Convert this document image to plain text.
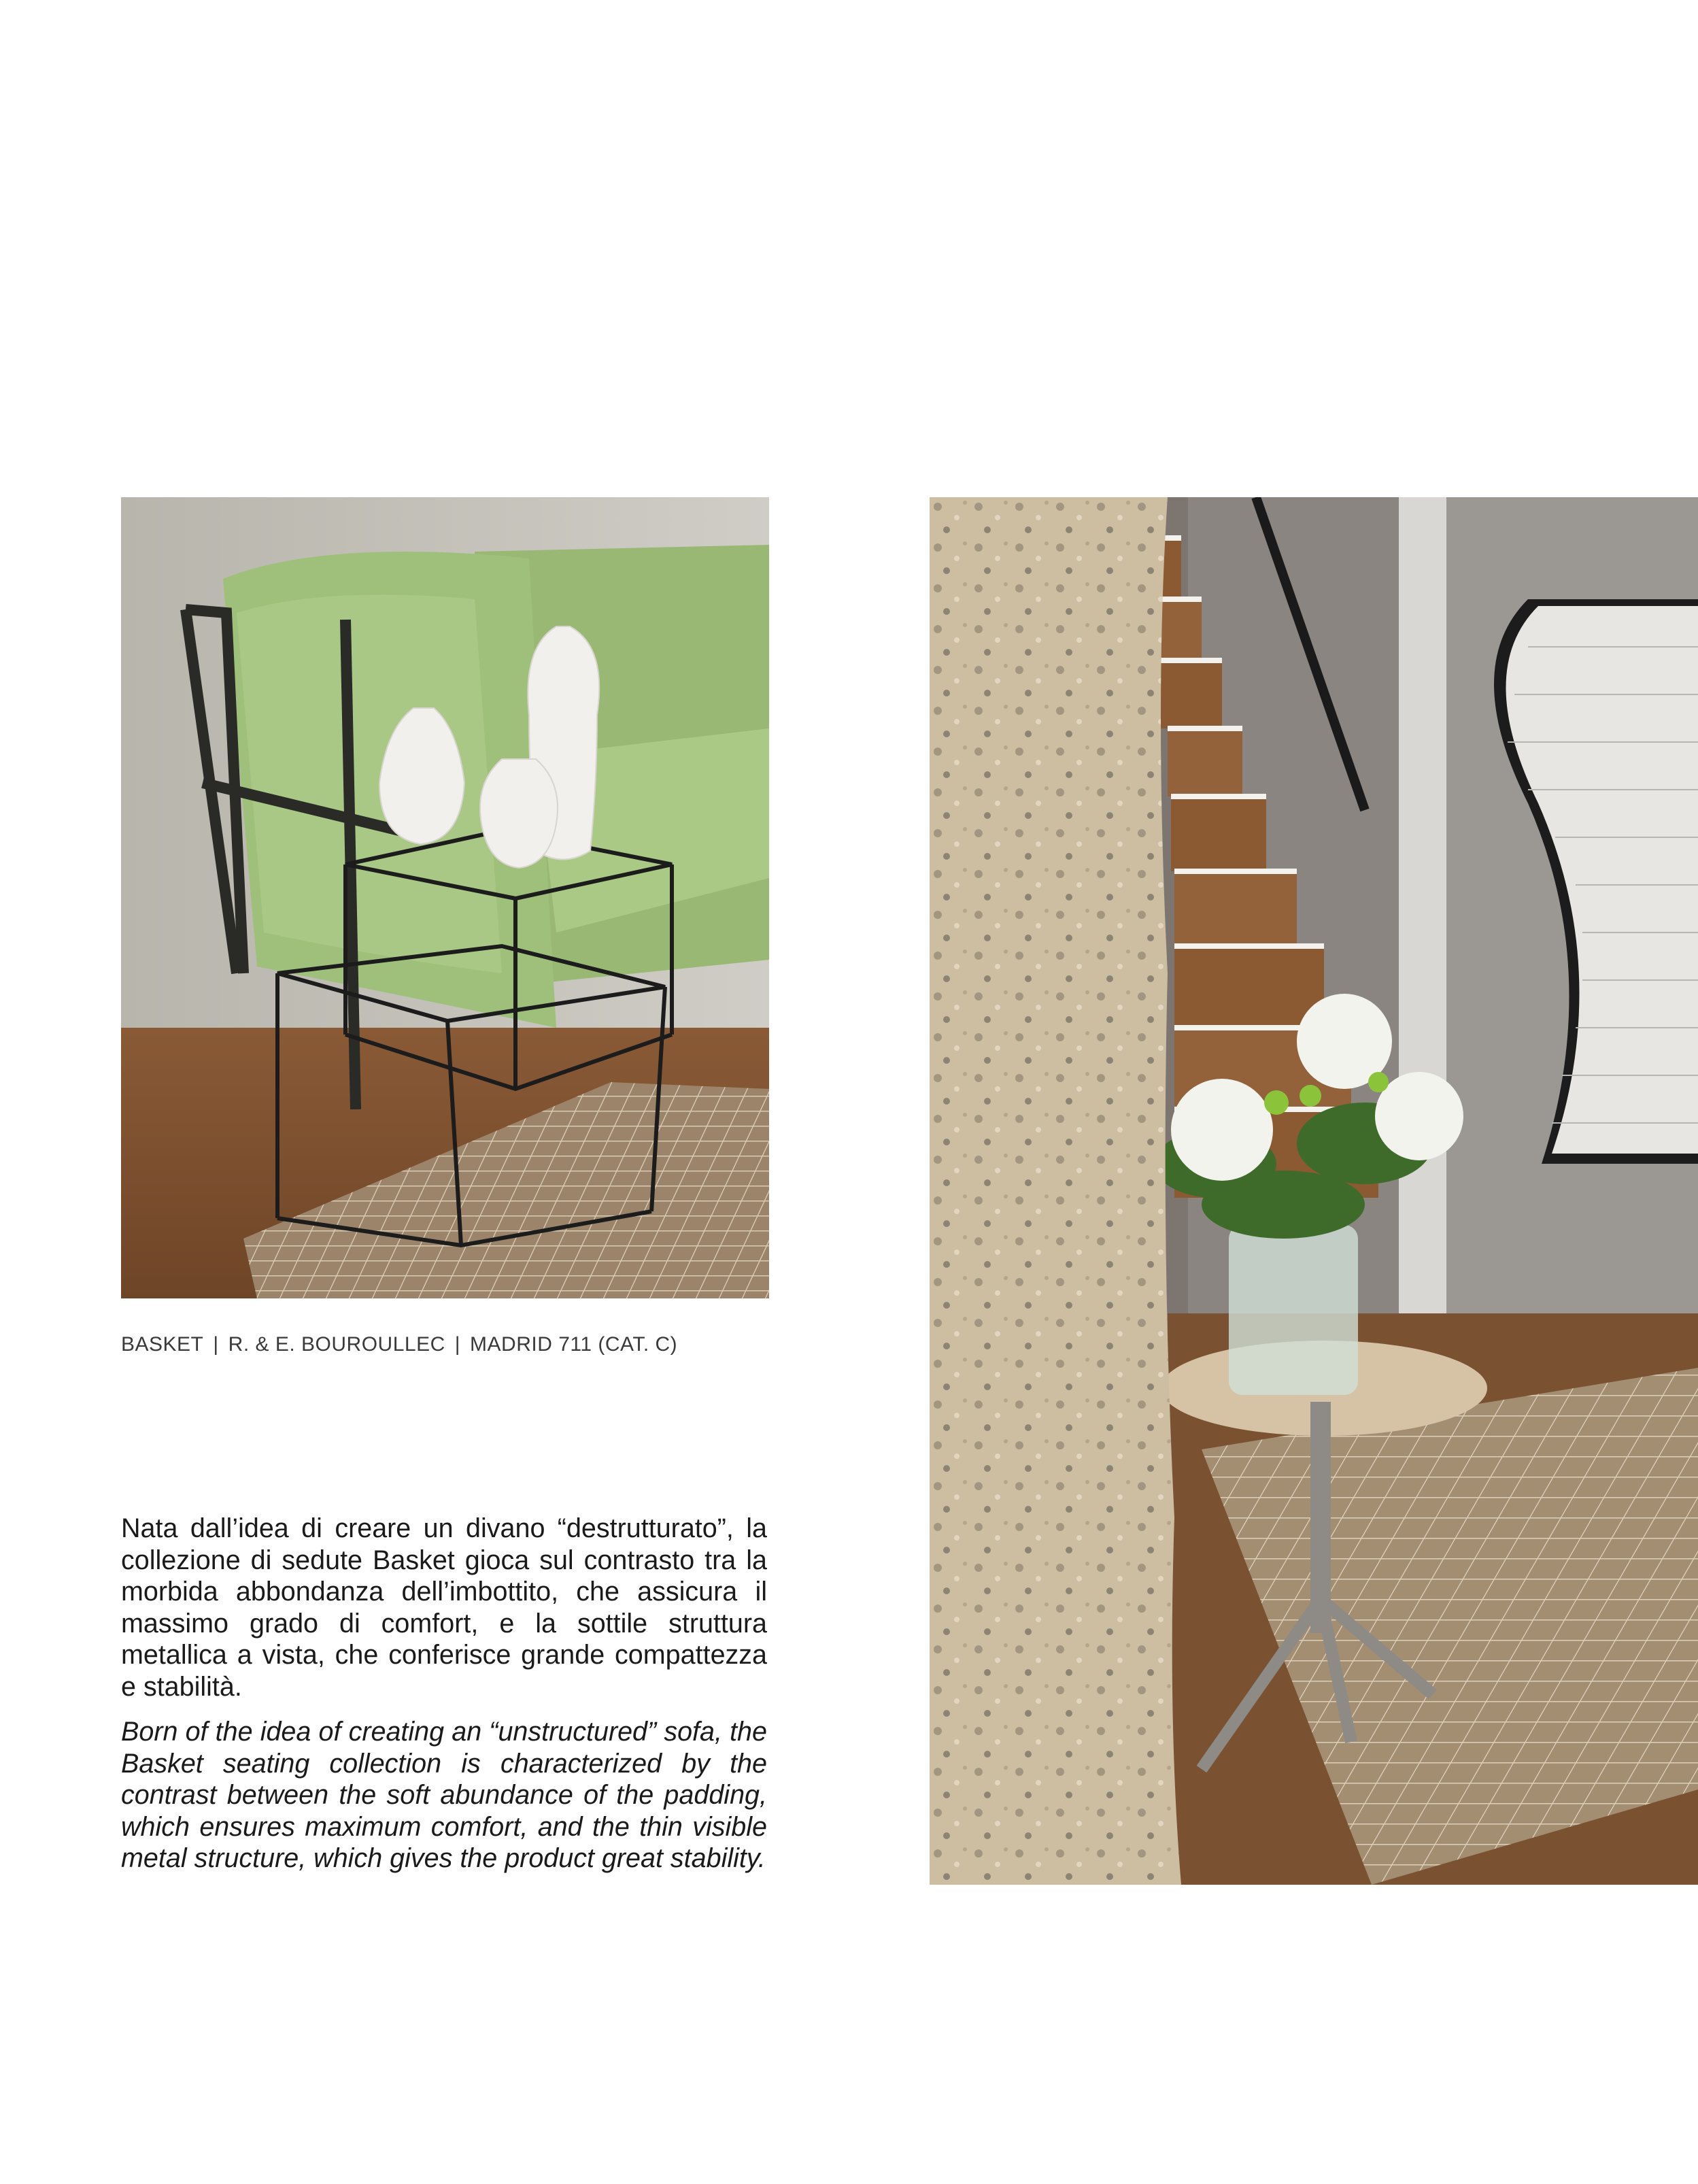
BASKET | R. & E. BOUROULLEC | MADRID 711 (CAT. C)

Nata dall’idea di creare un divano “destrutturato”, la collezione di sedute Basket gioca sul contrasto tra la morbida abbondanza dell’imbottito, che assicura il massimo grado di comfort, e la sottile struttura metallica a vista, che conferisce grande compattezza e stabilità.

Born of the idea of creating an “unstructured” sofa, the Basket seating collection is characterized by the contrast between the soft abundance of the padding, which ensures maximum comfort, and the thin visible metal structure, which gives the product great stability.
